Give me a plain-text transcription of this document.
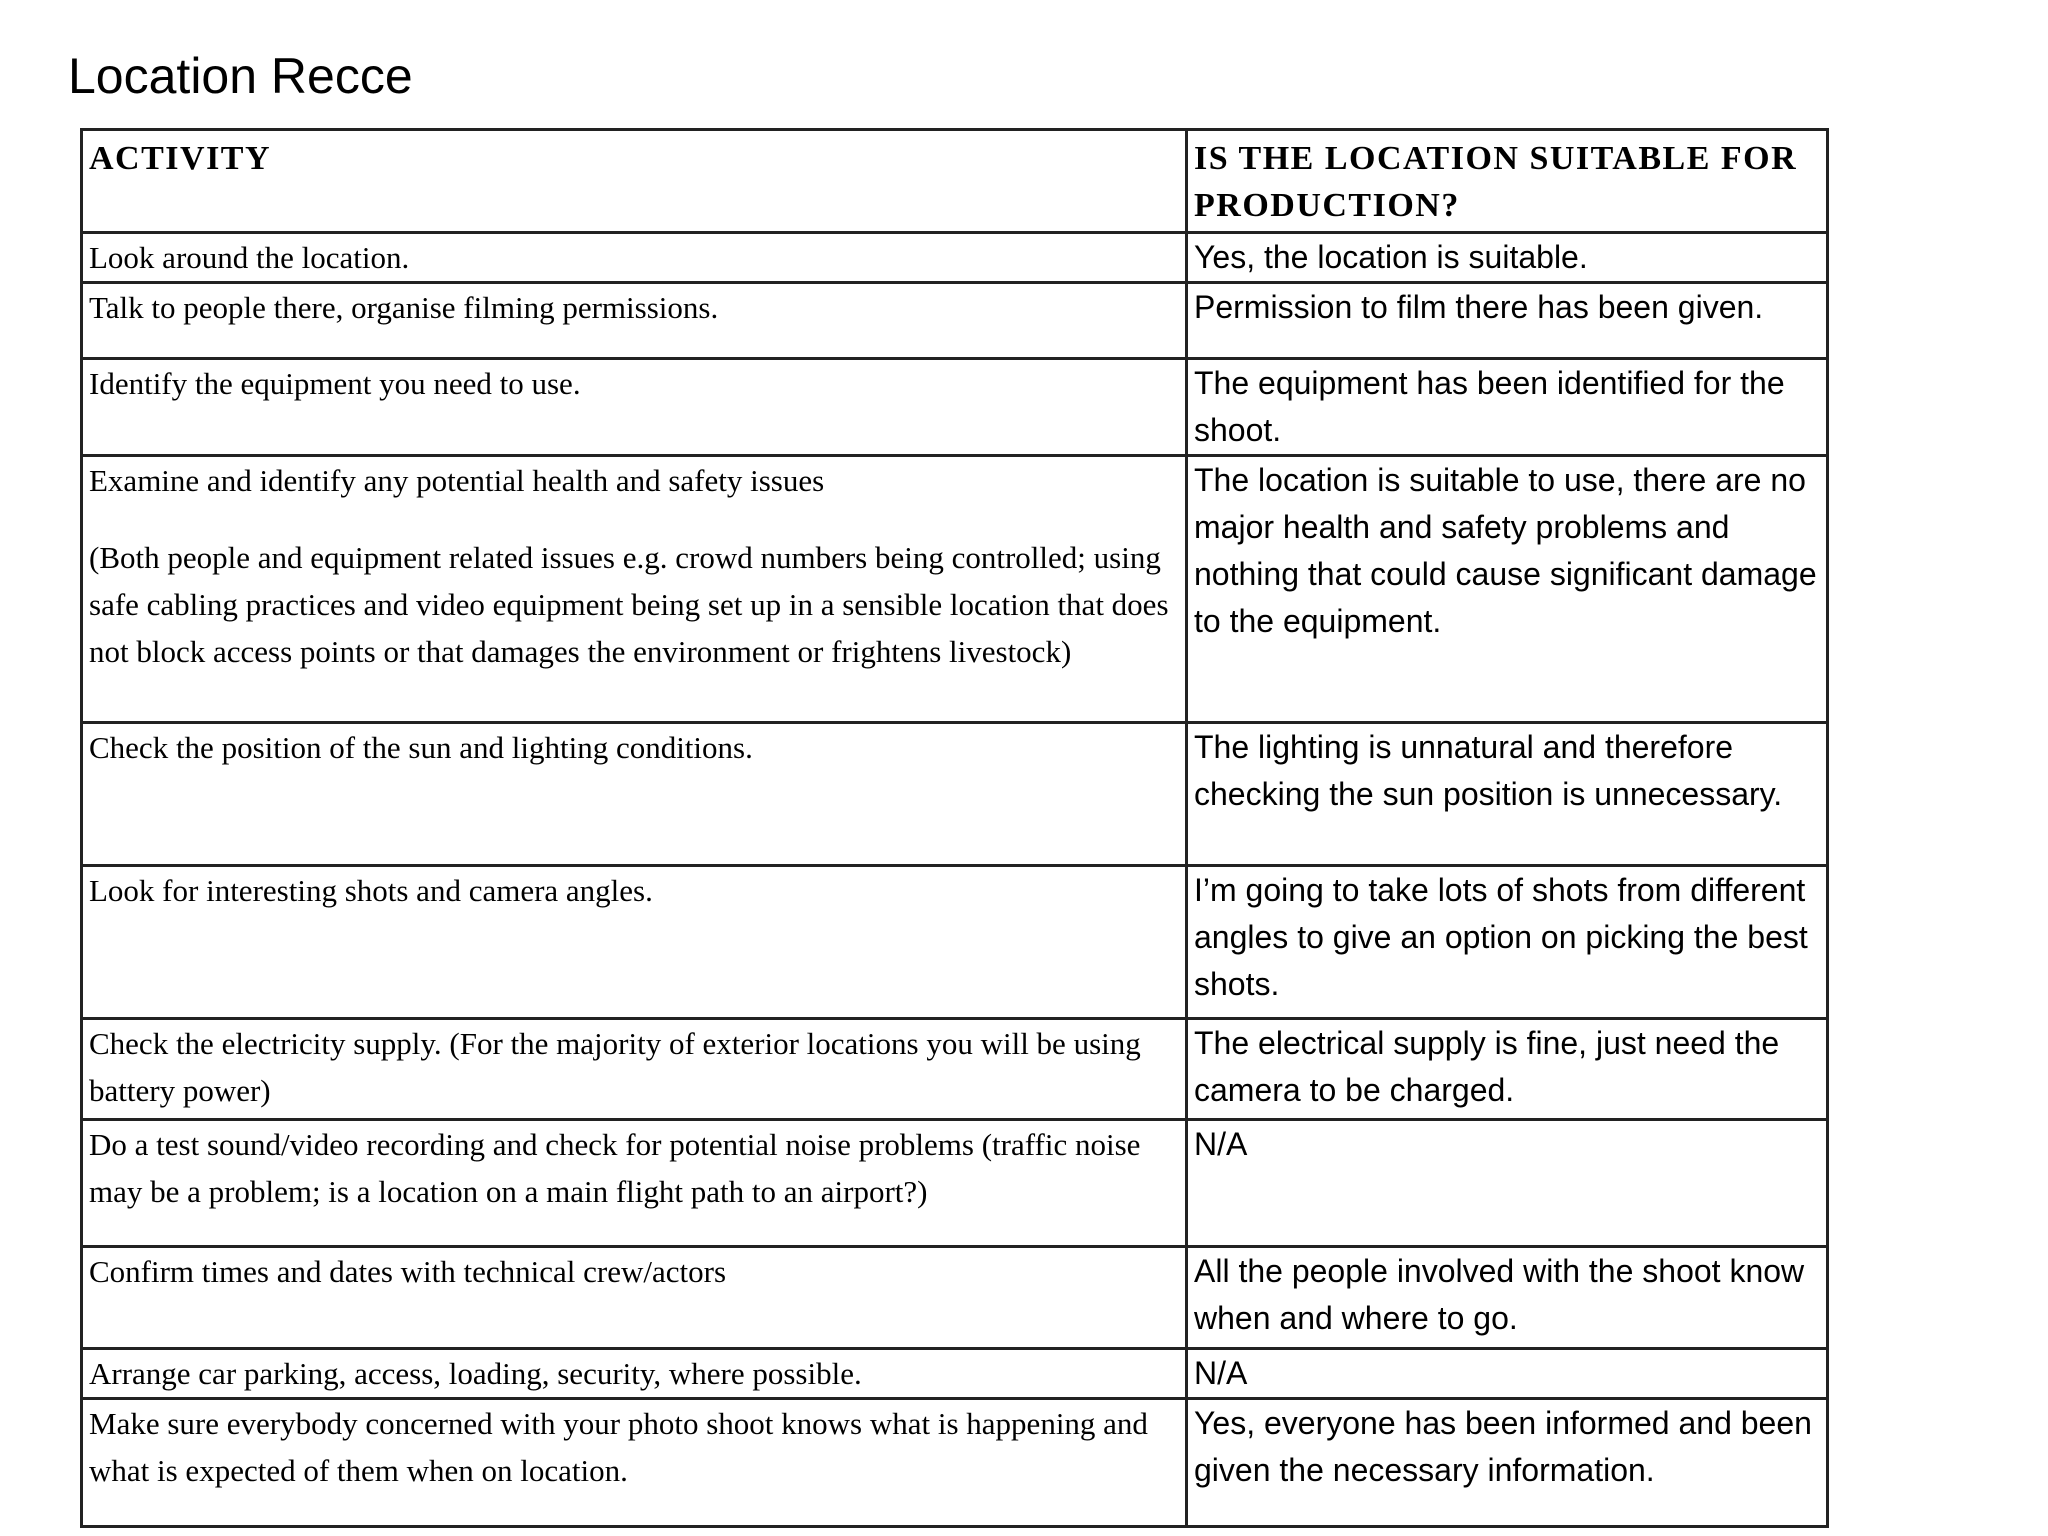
Location Recce
ACTIVITY	IS THE LOCATION SUITABLE FOR PRODUCTION?
Look around the location.	Yes, the location is suitable.
Talk to people there, organise filming permissions.	Permission to film there has been given.
Identify the equipment you need to use.	The equipment has been identified for the shoot.

Examine and identify any potential health and safety issues
(Both people and equipment related issues e.g. crowd numbers being controlled; using safe cabling practices and video equipment being set up in a sensible location that does not block access points or that damages the environment or frightens livestock)	The location is suitable to use, there are no major health and safety problems and nothing that could cause significant damage to the equipment.
Check the position of the sun and lighting conditions.	The lighting is unnatural and therefore checking the sun position is unnecessary.
Look for interesting shots and camera angles.	I’m going to take lots of shots from different angles to give an option on picking the best shots.
Check the electricity supply. (For the majority of exterior locations you will be using battery power)	The electrical supply is fine, just need the camera to be charged.
Do a test sound/video recording and check for potential noise problems (traffic noise may be a problem; is a location on a main flight path to an airport?)	N/A
Confirm times and dates with technical crew/actors	All the people involved with the shoot know when and where to go.
Arrange car parking, access, loading, security, where possible.	N/A
Make sure everybody concerned with your photo shoot knows what is happening and what is expected of them when on location.	Yes, everyone has been informed and been given the necessary information.
